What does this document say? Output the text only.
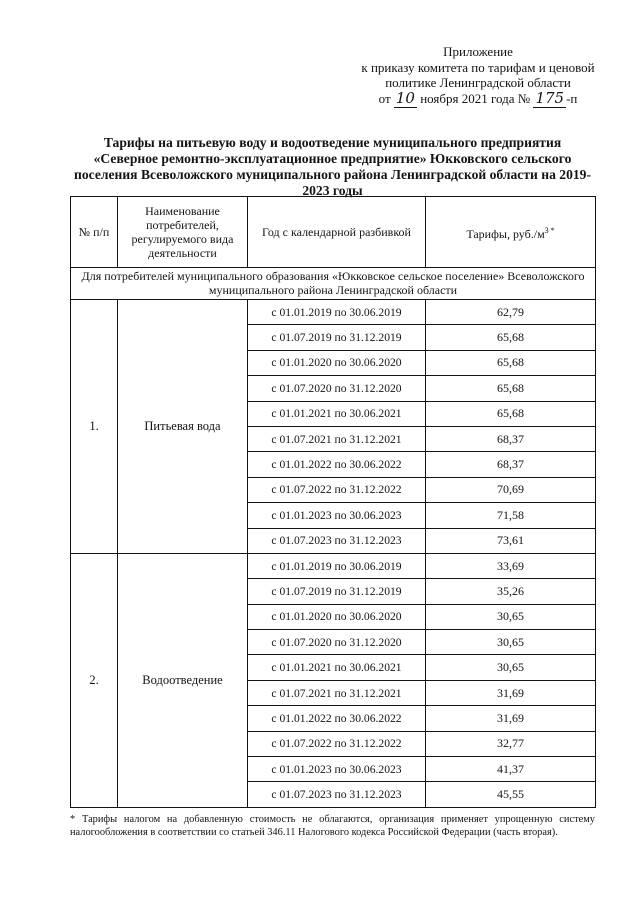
Приложение
к приказу комитета по тарифам и ценовой
политике Ленинградской области
от 10 ноября 2021 года № 175 -п
Тарифы на питьевую воду и водоотведение муниципального предприятия «Северное ремонтно-эксплуатационное предприятие» Юкковского сельского поселения Всеволожского муниципального района Ленинградской области на 2019-2023 годы
№ п/п	Наименование потребителей, регулируемого вида деятельности	Год с календарной разбивкой	Тарифы, $руб./м^3$ *
Для потребителей муниципального образования «Юкковское сельское поселение» Всеволожского муниципального района Ленинградской области			
1.	Питьевая вода	с 01.01.2019 по 30.06.2019	62,79
		с 01.07.2019 по 31.12.2019	65,68
		с 01.01.2020 по 30.06.2020	65,68
		с 01.07.2020 по 31.12.2020	65,68
		с 01.01.2021 по 30.06.2021	65,68
		с 01.07.2021 по 31.12.2021	68,37
		с 01.01.2022 по 30.06.2022	68,37
		с 01.07.2022 по 31.12.2022	70,69
		с 01.01.2023 по 30.06.2023	71,58
		с 01.07.2023 по 31.12.2023	73,61
2.	Водоотведение	с 01.01.2019 по 30.06.2019	33,69
		с 01.07.2019 по 31.12.2019	35,26
		с 01.01.2020 по 30.06.2020	30,65
		с 01.07.2020 по 31.12.2020	30,65
		с 01.01.2021 по 30.06.2021	30,65
		с 01.07.2021 по 31.12.2021	31,69
		с 01.01.2022 по 30.06.2022	31,69
		с 01.07.2022 по 31.12.2022	32,77
		с 01.01.2023 по 30.06.2023	41,37
		с 01.07.2023 по 31.12.2023	45,55
* Тарифы налогом на добавленную стоимость не облагаются, организация применяет упрощенную систему налогообложения в соответствии со статьей 346.11 Налогового кодекса Российской Федерации (часть вторая).
